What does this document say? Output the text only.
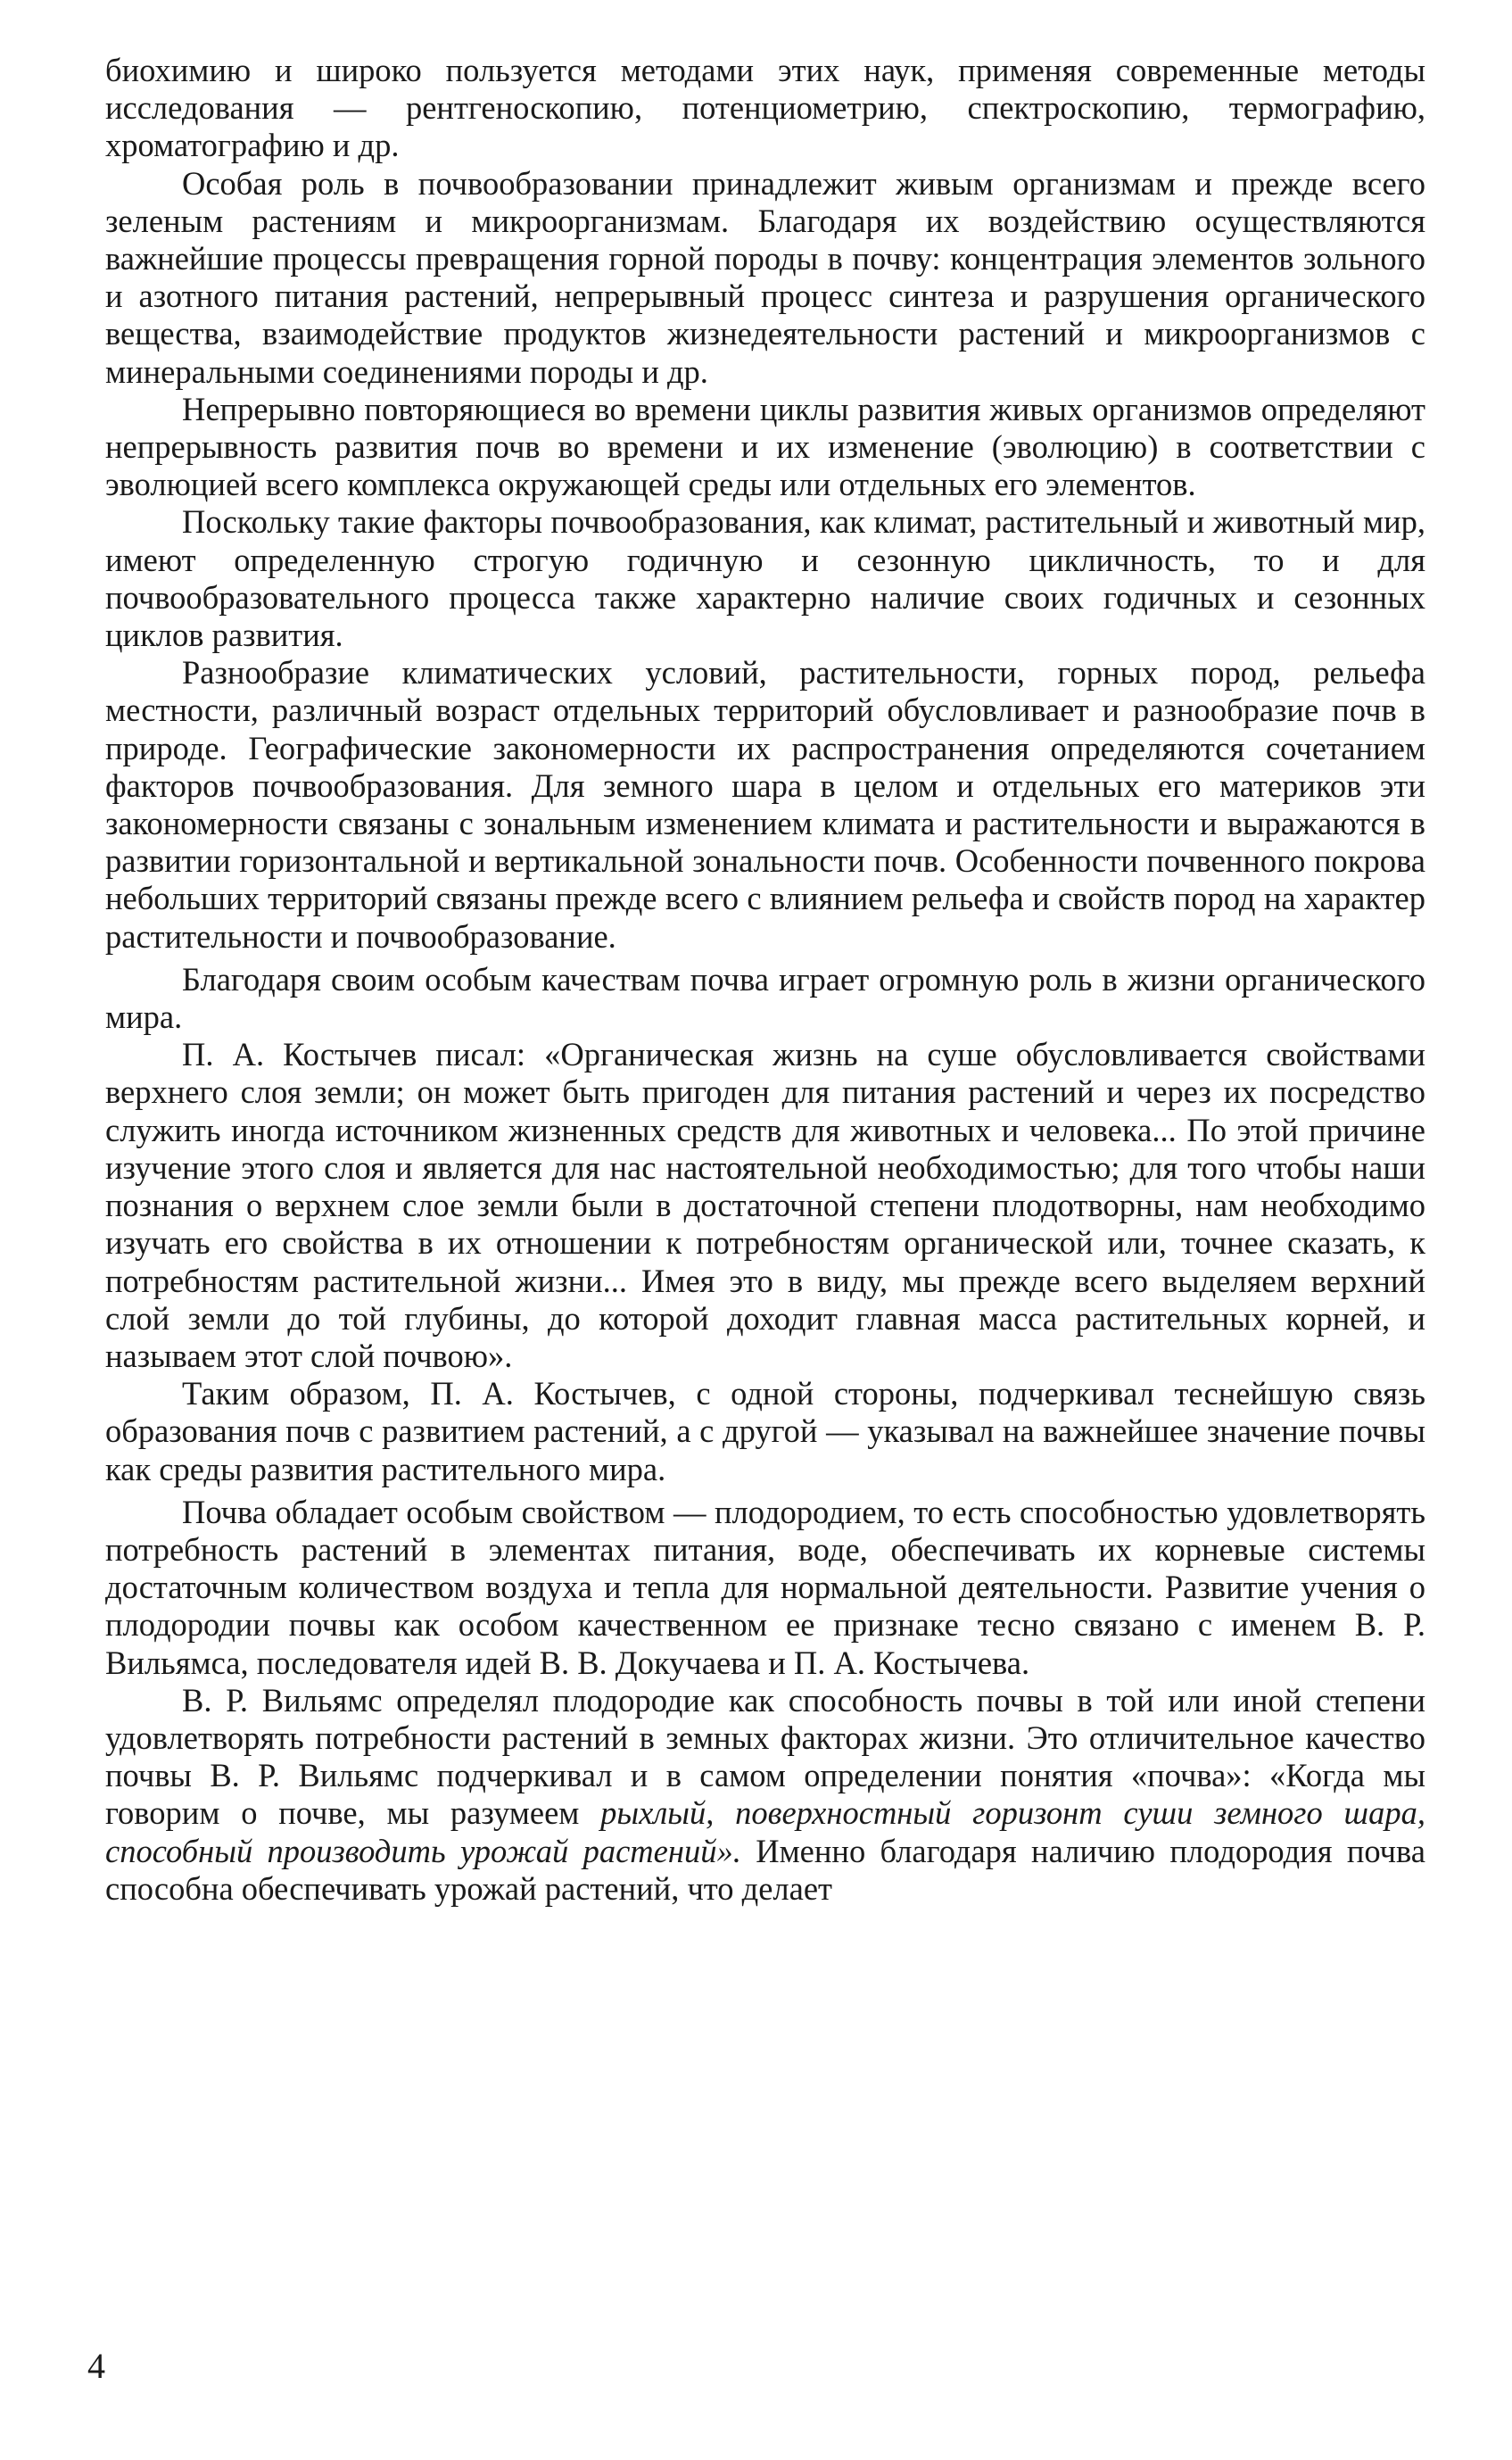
биохимию и широко пользуется методами этих наук, применяя современные методы исследования — рентгеноскопию, потенциометрию, спектроскопию, термографию, хроматографию и др.

Особая роль в почвообразовании принадлежит живым организмам и прежде всего зеленым растениям и микроорганизмам. Благодаря их воздействию осуществляются важнейшие процессы превращения горной породы в почву: концентрация элементов зольного и азотного питания растений, непрерывный процесс синтеза и разрушения органического вещества, взаимодействие продуктов жизнедеятельности растений и микроорганизмов с минеральными соединениями породы и др.

Непрерывно повторяющиеся во времени циклы развития живых организмов определяют непрерывность развития почв во времени и их изменение (эволюцию) в соответствии с эволюцией всего комплекса окружающей среды или отдельных его элементов.

Поскольку такие факторы почвообразования, как климат, растительный и животный мир, имеют определенную строгую годичную и сезонную цикличность, то и для почвообразовательного процесса также характерно наличие своих годичных и сезонных циклов развития.

Разнообразие климатических условий, растительности, горных пород, рельефа местности, различный возраст отдельных территорий обусловливает и разнообразие почв в природе. Географические закономерности их распространения определяются сочетанием факторов почвообразования. Для земного шара в целом и отдельных его материков эти закономерности связаны с зональным изменением климата и растительности и выражаются в развитии горизонтальной и вертикальной зональности почв. Особенности почвенного покрова небольших территорий связаны прежде всего с влиянием рельефа и свойств пород на характер растительности и почвообразование.

Благодаря своим особым качествам почва играет огромную роль в жизни органического мира.

П. А. Костычев писал: «Органическая жизнь на суше обусловливается свойствами верхнего слоя земли; он может быть пригоден для питания растений и через их посредство служить иногда источником жизненных средств для животных и человека... По этой причине изучение этого слоя и является для нас настоятельной необходимостью; для того чтобы наши познания о верхнем слое земли были в достаточной степени плодотворны, нам необходимо изучать его свойства в их отношении к потребностям органической или, точнее сказать, к потребностям растительной жизни... Имея это в виду, мы прежде всего выделяем верхний слой земли до той глубины, до которой доходит главная масса растительных корней, и называем этот слой почвою».

Таким образом, П. А. Костычев, с одной стороны, подчеркивал теснейшую связь образования почв с развитием растений, а с другой — указывал на важнейшее значение почвы как среды развития растительного мира.

Почва обладает особым свойством — плодородием, то есть способностью удовлетворять потребность растений в элементах питания, воде, обеспечивать их корневые системы достаточным количеством воздуха и тепла для нормальной деятельности. Развитие учения о плодородии почвы как особом качественном ее признаке тесно связано с именем В. Р. Вильямса, последователя идей В. В. Докучаева и П. А. Костычева.

В. Р. Вильямс определял плодородие как способность почвы в той или иной степени удовлетворять потребности растений в земных факторах жизни. Это отличительное качество почвы В. Р. Вильямс подчеркивал и в самом определении понятия «почва»: «Когда мы говорим о почве, мы разумеем рыхлый, поверхностный горизонт суши земного шара, способный производить урожай растений». Именно благодаря наличию плодородия почва способна обеспечивать урожай растений, что делает

4
